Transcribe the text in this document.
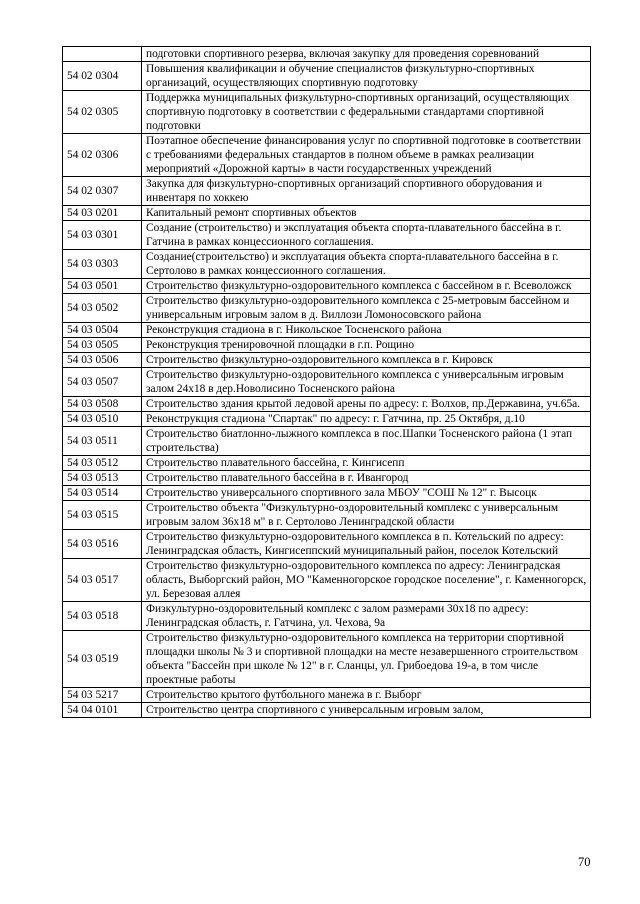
	подготовки спортивного резерва, включая закупку для проведения соревнований
54 02 0304	Повышения квалификации и обучение специалистов физкультурно-спортивных организаций, осуществляющих спортивную подготовку
54 02 0305	Поддержка муниципальных физкультурно-спортивных организаций, осуществляющих спортивную подготовку в соответствии с федеральными стандартами спортивной подготовки
54 02 0306	Поэтапное обеспечение финансирования услуг по спортивной подготовке в соответствии с требованиями федеральных стандартов в полном объеме в рамках реализации мероприятий «Дорожной карты» в части государственных учреждений
54 02 0307	Закупка для физкультурно-спортивных организаций спортивного оборудования и инвентаря по хоккею
54 03 0201	Капитальный ремонт спортивных объектов
54 03 0301	Создание (строительство) и эксплуатация объекта спорта-плавательного бассейна в г. Гатчина в рамках концессионного соглашения.
54 03 0303	Создание(строительство) и эксплуатация объекта спорта-плавательного бассейна в г. Сертолово в рамках концессионного соглашения.
54 03 0501	Строительство физкультурно-оздоровительного комплекса с бассейном в г. Всеволожск
54 03 0502	Строительство физкультурно-оздоровительного комплекса с 25-метровым бассейном и универсальным игровым залом в д. Виллози Ломоносовского района
54 03 0504	Реконструкция стадиона в г. Никольское Тосненского района
54 03 0505	Реконструкция тренировочной площадки в г.п. Рощино
54 03 0506	Строительство физкультурно-оздоровительного комплекса в г. Кировск
54 03 0507	Строительство физкультурно-оздоровительного комплекса с универсальным игровым залом 24х18 в дер.Новолисино Тосненского района
54 03 0508	Строительство здания крытой ледовой арены по адресу: г. Волхов, пр.Державина, уч.65а.
54 03 0510	Реконструкция стадиона "Спартак" по адресу: г. Гатчина, пр. 25 Октября, д.10
54 03 0511	Строительство биатлонно-лыжного комплекса в пос.Шапки Тосненского района (1 этап строительства)
54 03 0512	Строительство плавательного бассейна, г. Кингисепп
54 03 0513	Строительство плавательного бассейна в г. Ивангород
54 03 0514	Строительство универсального спортивного зала МБОУ "СОШ № 12" г. Высоцк
54 03 0515	Строительство объекта "Физкультурно-оздоровительный комплекс с универсальным игровым залом 36х18 м" в г. Сертолово Ленинградской области
54 03 0516	Строительство физкультурно-оздоровительного комплекса в п. Котельский по адресу: Ленинградская область, Кингисеппский муниципальный район, поселок Котельский
54 03 0517	Строительство физкультурно-оздоровительного комплекса по адресу: Ленинградская область, Выборгский район, МО "Каменногорское городское поселение", г. Каменногорск, ул. Березовая аллея
54 03 0518	Физкультурно-оздоровительный комплекс с залом размерами 30х18 по адресу: Ленинградская область, г. Гатчина, ул. Чехова, 9а
54 03 0519	Строительство физкультурно-оздоровительного комплекса на территории спортивной площадки школы № 3 и спортивной площадки на месте незавершенного строительством объекта "Бассейн при школе № 12" в г. Сланцы, ул. Грибоедова 19-а, в том числе проектные работы
54 03 5217	Строительство крытого футбольного манежа в г. Выборг
54 04 0101	Строительство центра спортивного с универсальным игровым залом,
70
